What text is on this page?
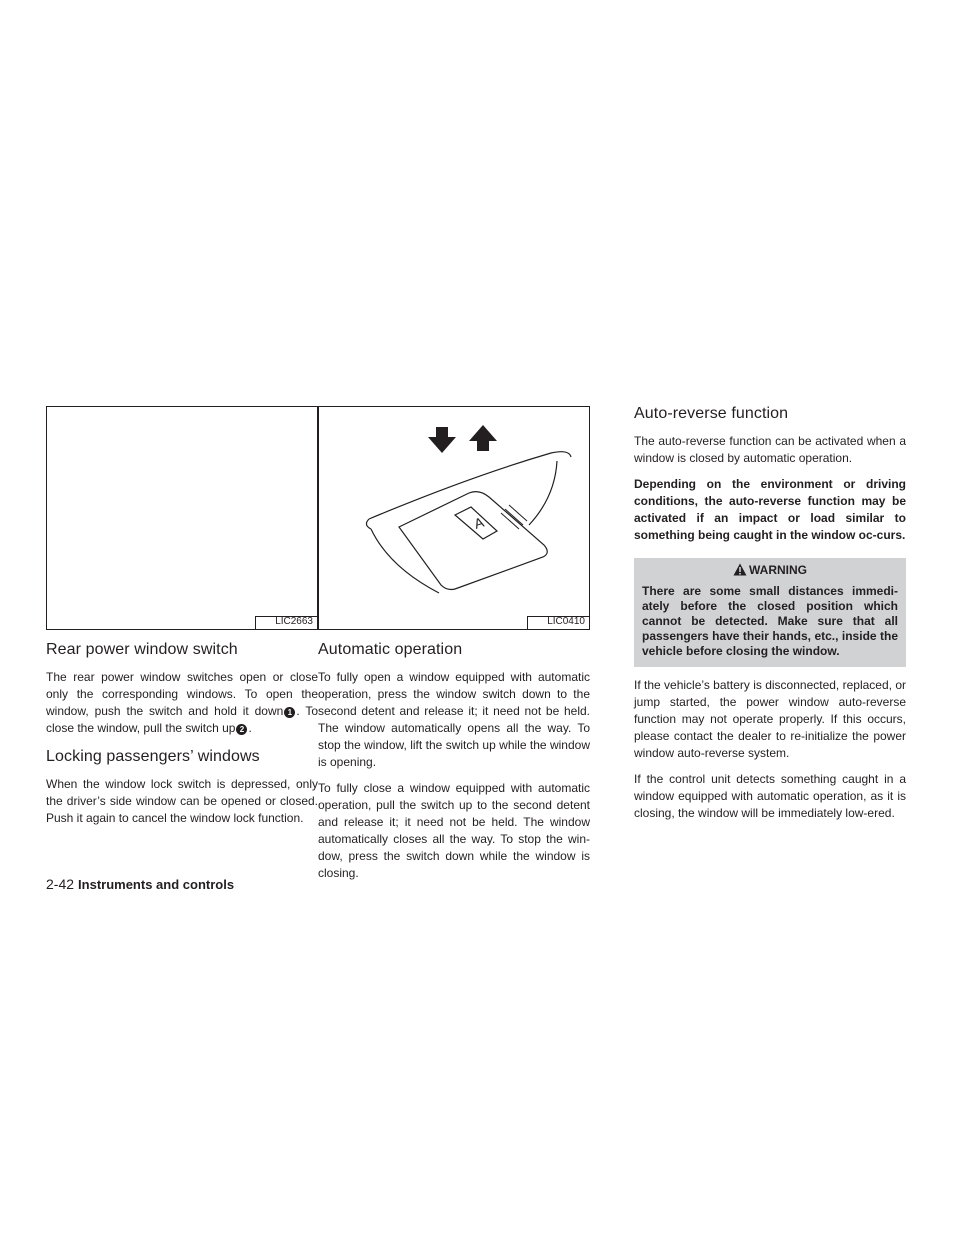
LIC2663
Rear power window switch

The rear power window switches open or close only the corresponding windows. To open the window, push the switch and hold it down 1 . To close the window, pull the switch up 2 .

Locking passengers’ windows

When the window lock switch is depressed, only the driver’s side window can be opened or closed. Push it again to cancel the window lock function.

A
LIC0410
Automatic operation

To fully open a window equipped with automatic operation, press the window switch down to the second detent and release it; it need not be held. The window automatically opens all the way. To stop the window, lift the switch up while the window is opening.

To fully close a window equipped with automatic operation, pull the switch up to the second detent and release it; it need not be held. The window automatically closes all the way. To stop the win-dow, press the switch down while the window is closing.

Auto-reverse function

The auto-reverse function can be activated when a window is closed by automatic operation.

Depending on the environment or driving conditions, the auto-reverse function may be activated if an impact or load similar to something being caught in the window oc-curs.

WARNING

There are some small distances immedi-ately before the closed position which cannot be detected. Make sure that all passengers have their hands, etc., inside the vehicle before closing the window.

If the vehicle’s battery is disconnected, replaced, or jump started, the power window auto-reverse function may not operate properly. If this occurs, please contact the dealer to re-initialize the power window auto-reverse system.

If the control unit detects something caught in a window equipped with automatic operation, as it is closing, the window will be immediately low-ered.

2-42 Instruments and controls
